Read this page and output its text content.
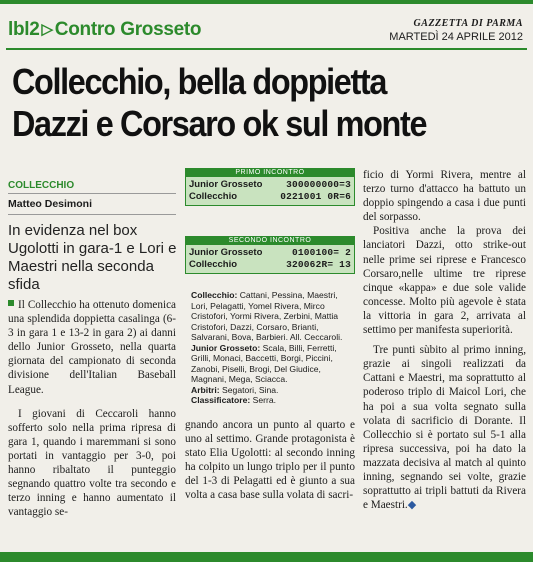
lbl2 ▷ Contro Grosseto	GAZZETTA DI PARMA
MARTEDÌ 24 APRILE 2012
Collecchio, bella doppietta
Dazzi e Corsaro ok sul monte
COLLECCHIO
Matteo Desimoni
In evidenza nel box Ugolotti in gara-1 e Lori e Maestri nella seconda sfida

Il Collecchio ha ottenuto domenica una splendida doppietta casalinga (6-3 in gara 1 e 13-2 in gara 2) ai danni dello Junior Grosseto, nella quarta giornata del campionato di seconda divisione dell'Italian Baseball League.

I giovani di Ceccaroli hanno sofferto solo nella prima ripresa di gara 1, quando i maremmani si sono portati in vantaggio per 3-0, poi hanno ribaltato il punteggio segnando quattro volte tra secondo e terzo inning e hanno aumentato il vantaggio se-

PRIMO INCONTRO
Junior Grosseto 300000000=3
Collecchio	0221001 0R=6
SECONDO INCONTRO
Junior Grosseto	0100100= 2
Collecchio	320062R= 13
Collecchio: Cattani, Pessina, Maestri, Lori, Pelagatti, Yomel Rivera, Mirco Cristofori, Yormi Rivera, Zerbini, Mattia Cristofori, Dazzi, Corsaro, Brianti, Salvarani, Bova, Barbieri. All. Ceccaroli.
Junior Grosseto: Scala, Billi, Ferretti, Grilli, Monaci, Baccetti, Borgi, Piccini, Zanobi, Piselli, Brogi, Del Giudice, Magnani, Mega, Sciacca.
Arbitri: Segatori, Sina.
Classificatore: Serra.

gnando ancora un punto al quarto e uno al settimo. Grande protagonista è stato Elia Ugolotti: al secondo inning ha colpito un lungo triplo per il punto del 1-3 di Pelagatti ed è giunto a sua volta a casa base sulla volata di sacri-

ficio di Yormi Rivera, mentre al terzo turno d'attacco ha battuto un doppio spingendo a casa i due punti del sorpasso.

Positiva anche la prova dei lanciatori Dazzi, otto strike-out nelle prime sei riprese e Francesco Corsaro,nelle ultime tre riprese cinque «kappa» e due sole valide concesse. Molto più agevole è stata la vittoria in gara 2, arrivata al settimo per manifesta superiorità.

Tre punti sùbito al primo inning, grazie ai singoli realizzati da Cattani e Maestri, ma soprattutto al poderoso triplo di Maicol Lori, che ha poi a sua volta segnato sulla volata di sacrificio di Dorante. Il Collecchio si è portato sul 5-1 alla ripresa successiva, poi ha dato la mazzata decisiva al match al quinto inning, segnando sei volte, grazie soprattutto ai tripli battuti da Rivera e Maestri.◆
